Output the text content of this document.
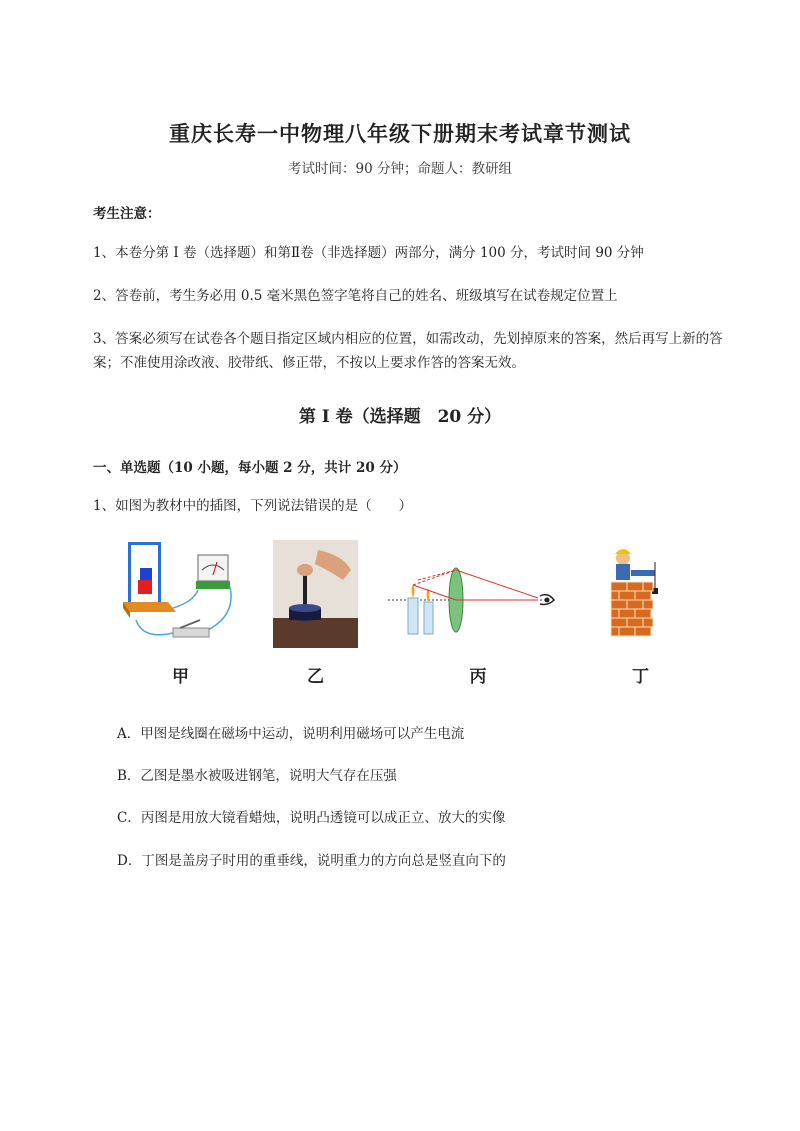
重庆长寿一中物理八年级下册期末考试章节测试
考试时间：90 分钟；命题人：教研组
考生注意：
1、本卷分第 I 卷（选择题）和第Ⅱ卷（非选择题）两部分，满分 100 分，考试时间 90 分钟
2、答卷前，考生务必用 0.5 毫米黑色签字笔将自己的姓名、班级填写在试卷规定位置上
3、答案必须写在试卷各个题目指定区域内相应的位置，如需改动，先划掉原来的答案，然后再写上新的答案；不准使用涂改液、胶带纸、修正带，不按以上要求作答的答案无效。
第 I 卷（选择题　20 分）
一、单选题（10 小题，每小题 2 分，共计 20 分）
1、如图为教材中的插图，下列说法错误的是（　　）
甲	乙	丙	丁
A．甲图是线圈在磁场中运动，说明利用磁场可以产生电流
B．乙图是墨水被吸进钢笔，说明大气存在压强
C．丙图是用放大镜看蜡烛，说明凸透镜可以成正立、放大的实像
D．丁图是盖房子时用的重垂线，说明重力的方向总是竖直向下的
